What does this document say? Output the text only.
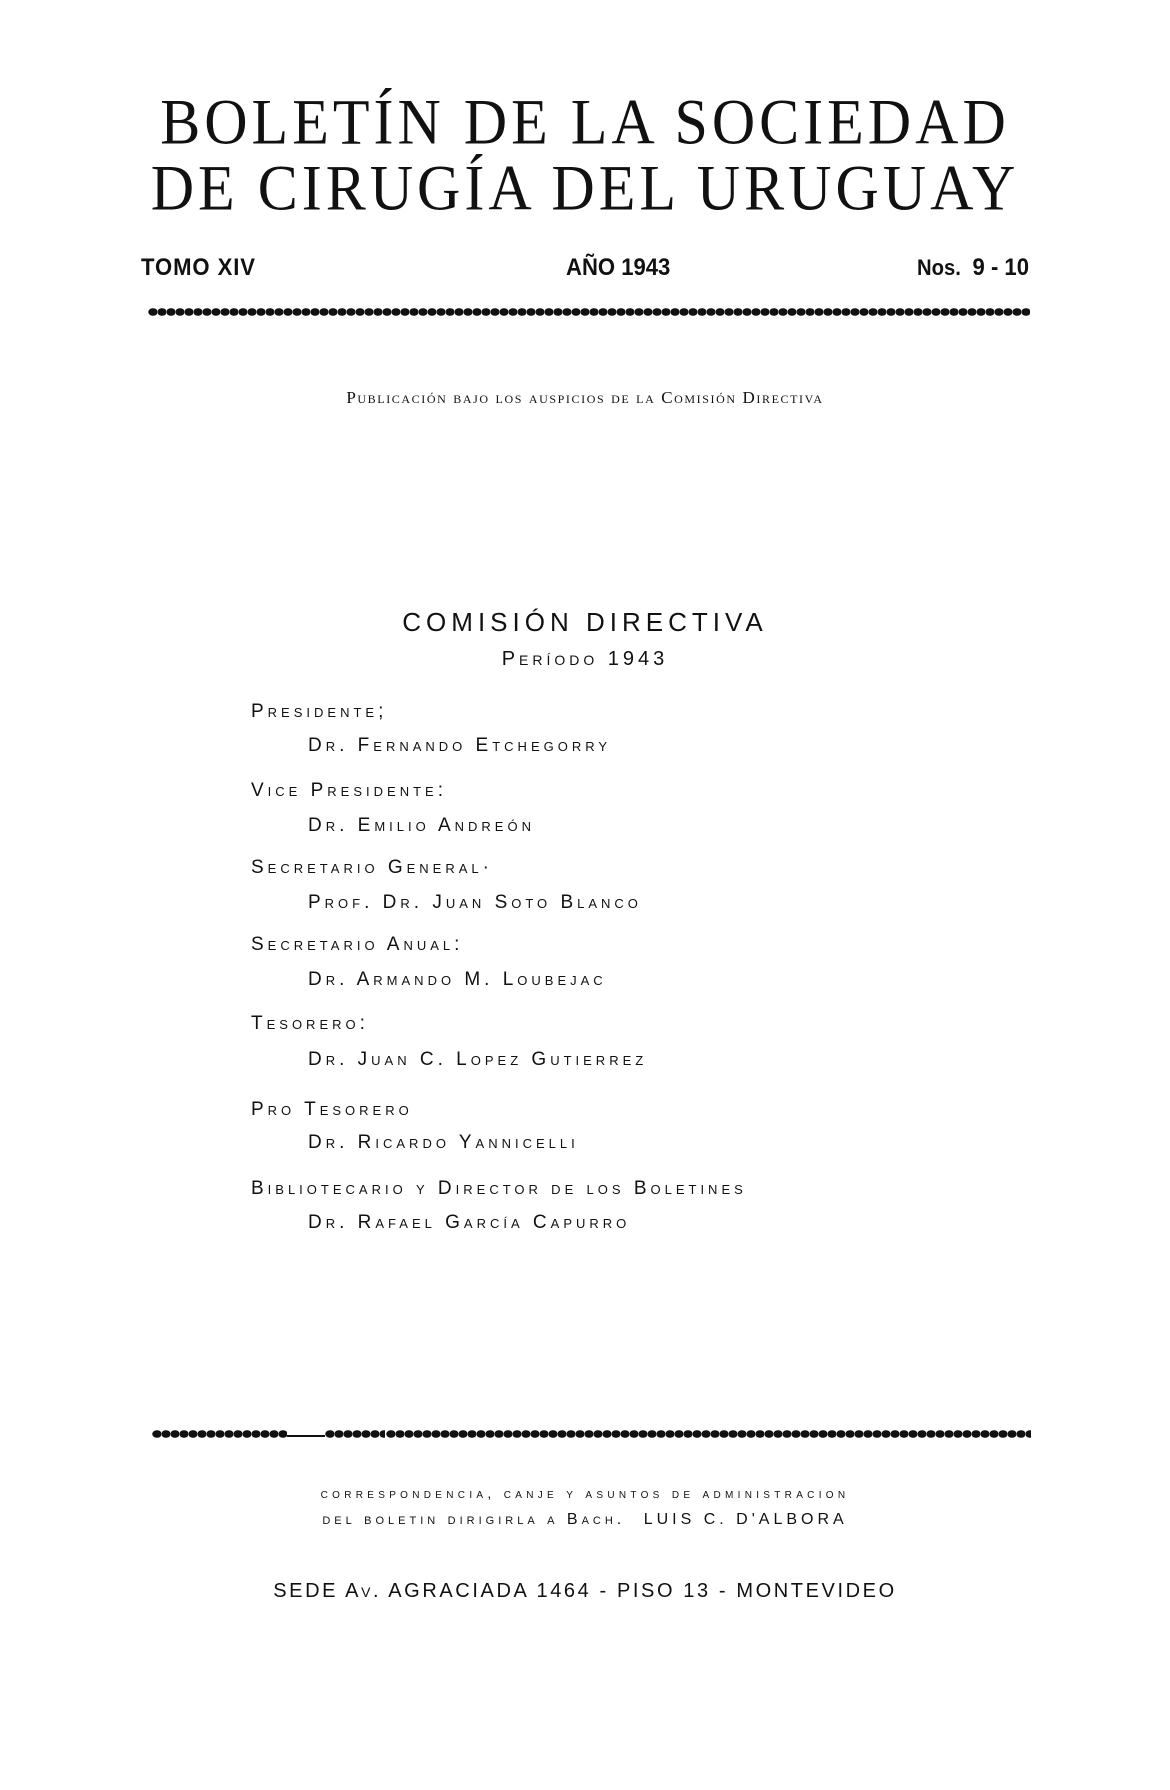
BOLETÍN DE LA SOCIEDAD
DE CIRUGÍA DEL URUGUAY
TOMO XIV	AÑO 1943	Nos. 9 - 10
Publicación bajo los auspicios de la Comisión Directiva
COMISIÓN DIRECTIVA
Período 1943
Presidente;
Dr. Fernando Etchegorry
Vice Presidente:
Dr. Emilio Andreón
Secretario General·
Prof. Dr. Juan Soto Blanco
Secretario Anual:
Dr. Armando M. Loubejac
Tesorero:
Dr. Juan C. Lopez Gutierrez
Pro Tesorero
Dr. Ricardo Yannicelli
Bibliotecario y Director de los Boletines
Dr. Rafael García Capurro
correspondencia, canje y asuntos de administracion
del boletin dirigirla a Bach. LUIS C. D'ALBORA
SEDE Av. AGRACIADA 1464 - PISO 13 - MONTEVIDEO
